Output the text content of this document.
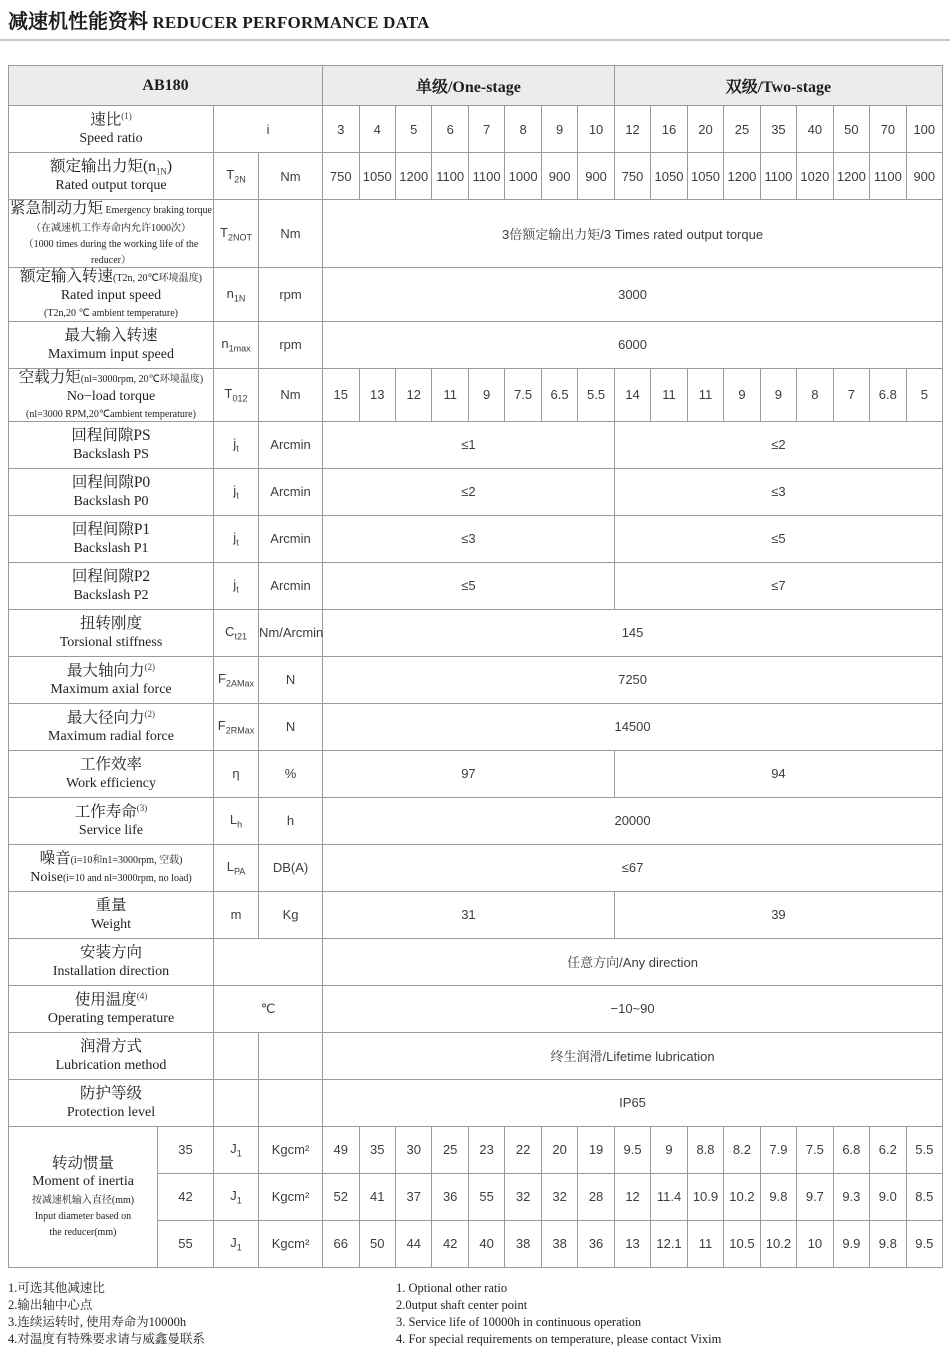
减速机性能资料 REDUCER PERFORMANCE DATA
AB180				单级/One-stage								双级/Two-stage								

速比$^{(1)}$
Speed ratio		i		3	4	5	6	7	8	9	10	12	16	20	25	35	40	50	70	100

额定输出力矩$(n_{1N})$
Rated output torque		$T_{2N}$	Nm	750	1050	1200	1100	1100	1000	900	900	750	1050	1050	1200	1100	1020	1200	1100	900

紧急制动力矩 Emergency braking torque
（在减速机工作寿命内允许1000次）
（1000 times during the working life of the reducer）		$T_{2NOT}$	Nm	3倍额定输出力矩/3 Times rated output torque																

额定输入转速(T2n, 20℃环境温度)
Rated input speed
(T2n,20 ℃ ambient temperature)		$n_{1N}$	rpm	3000																

最大输入转速
Maximum input speed		$n_{1max}$	rpm	6000																

空载力矩(nl=3000rpm, 20℃环境温度)
No−load torque
(nl=3000 RPM,20℃ambient temperature)		$T_{012}$	Nm	15	13	12	11	9	7.5	6.5	5.5	14	11	11	9	9	8	7	6.8	5

回程间隙PS
Backslash PS		$j_t$	Arcmin	≤1								≤2								

回程间隙P0
Backslash P0		$j_t$	Arcmin	≤2								≤3								

回程间隙P1
Backslash P1		$j_t$	Arcmin	≤3								≤5								

回程间隙P2
Backslash P2		$j_t$	Arcmin	≤5								≤7								

扭转刚度
Torsional stiffness		$C_{t21}$	Nm/Arcmin	145																

最大轴向力$^{(2)}$
Maximum axial force		$F_{2AMax}$	N	7250																

最大径向力$^{(2)}$
Maximum radial force		$F_{2RMax}$	N	14500																

工作效率
Work efficiency		η	%	97								94								

工作寿命$^{(3)}$
Service life		$L_h$	h	20000																

噪音(i=10和n1=3000rpm, 空载)
Noise(i=10 and nl=3000rpm, no load)		$L_{PA}$	DB(A)	≤67																

重量
Weight		m	Kg	31								39								

安装方向
Installation direction				任意方向/Any direction																

使用温度$^{(4)}$
Operating temperature		℃		−10~90																

润滑方式
Lubrication method				终生润滑/Lifetime lubrication																

防护等级
Protection level				IP65																

转动惯量
Moment of inertia
按减速机输入直径(mm)
Input diameter based on
the reducer(mm)	35	$J_1$	Kgcm²	49	35	30	25	23	22	20	19	9.5	9	8.8	8.2	7.9	7.5	6.8	6.2	5.5
	42	$J_1$	Kgcm²	52	41	37	36	55	32	32	28	12	11.4	10.9	10.2	9.8	9.7	9.3	9.0	8.5
	55	$J_1$	Kgcm²	66	50	44	42	40	38	38	36	13	12.1	11	10.5	10.2	10	9.9	9.8	9.5
1.可选其他减速比
2.输出轴中心点
3.连续运转时, 使用寿命为10000h
4.对温度有特殊要求请与威鑫曼联系
1. Optional other ratio
2.0utput shaft center point
3. Service life of 10000h in continuous operation
4. For special requirements on temperature, please contact Vixim
